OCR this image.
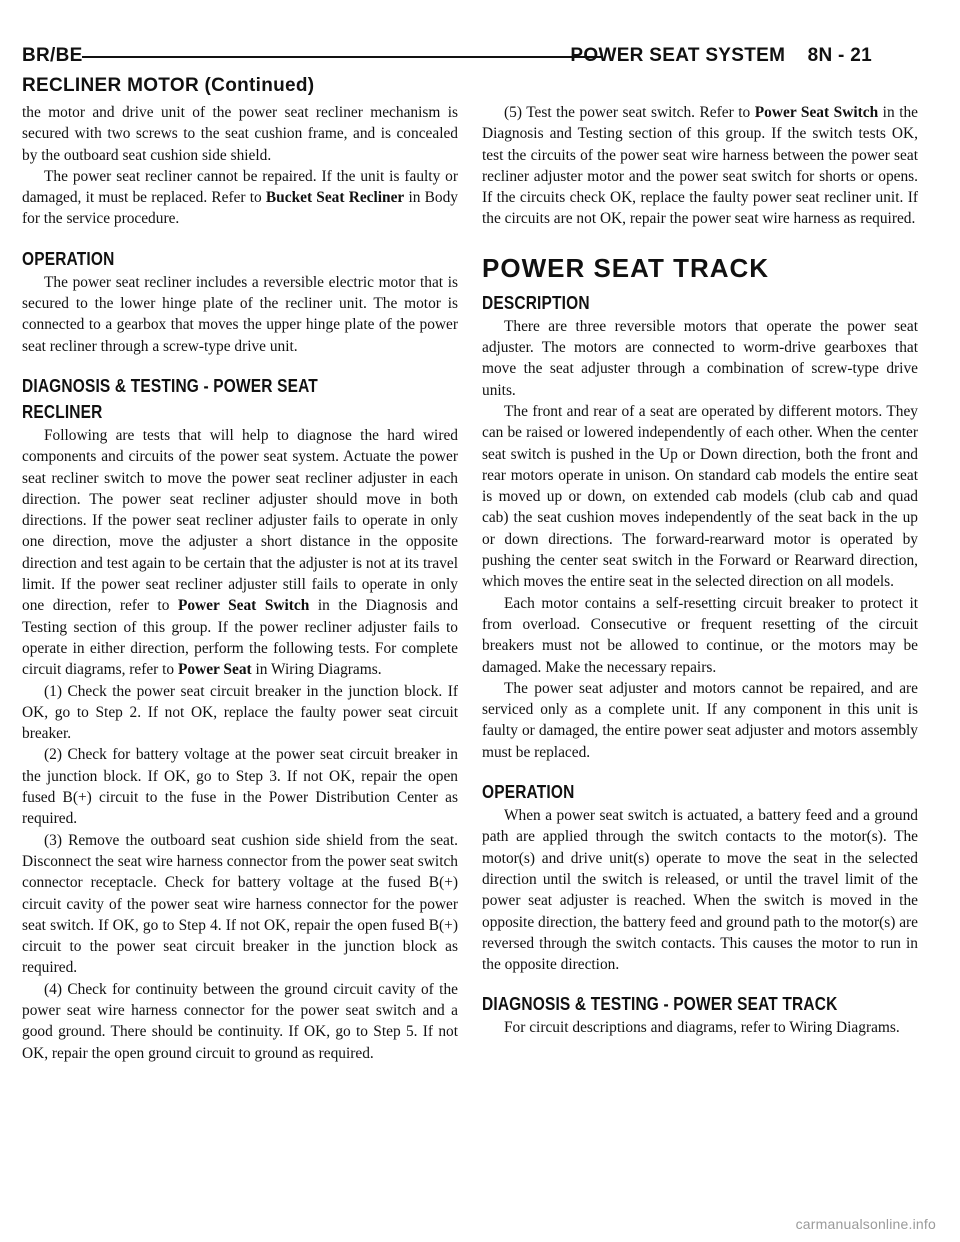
BR/BE	POWER SEAT SYSTEM 8N - 21
RECLINER MOTOR (Continued)

the motor and drive unit of the power seat recliner mechanism is secured with two screws to the seat cushion frame, and is concealed by the outboard seat cushion side shield.

The power seat recliner cannot be repaired. If the unit is faulty or damaged, it must be replaced. Refer to Bucket Seat Recliner in Body for the service procedure.

OPERATION

The power seat recliner includes a reversible electric motor that is secured to the lower hinge plate of the recliner unit. The motor is connected to a gearbox that moves the upper hinge plate of the power seat recliner through a screw-type drive unit.

DIAGNOSIS & TESTING - POWER SEAT
RECLINER

Following are tests that will help to diagnose the hard wired components and circuits of the power seat system. Actuate the power seat recliner switch to move the power seat recliner adjuster in each direction. The power seat recliner adjuster should move in both directions. If the power seat recliner adjuster fails to operate in only one direction, move the adjuster a short distance in the opposite direction and test again to be certain that the adjuster is not at its travel limit. If the power seat recliner adjuster still fails to operate in only one direction, refer to Power Seat Switch in the Diagnosis and Testing section of this group. If the power recliner adjuster fails to operate in either direction, perform the following tests. For complete circuit diagrams, refer to Power Seat in Wiring Diagrams.

(1) Check the power seat circuit breaker in the junction block. If OK, go to Step 2. If not OK, replace the faulty power seat circuit breaker.

(2) Check for battery voltage at the power seat circuit breaker in the junction block. If OK, go to Step 3. If not OK, repair the open fused B(+) circuit to the fuse in the Power Distribution Center as required.

(3) Remove the outboard seat cushion side shield from the seat. Disconnect the seat wire harness connector from the power seat switch connector receptacle. Check for battery voltage at the fused B(+) circuit cavity of the power seat wire harness connector for the power seat switch. If OK, go to Step 4. If not OK, repair the open fused B(+) circuit to the power seat circuit breaker in the junction block as required.

(4) Check for continuity between the ground circuit cavity of the power seat wire harness connector for the power seat switch and a good ground. There should be continuity. If OK, go to Step 5. If not OK, repair the open ground circuit to ground as required.

(5) Test the power seat switch. Refer to Power Seat Switch in the Diagnosis and Testing section of this group. If the switch tests OK, test the circuits of the power seat wire harness between the power seat recliner adjuster motor and the power seat switch for shorts or opens. If the circuits check OK, replace the faulty power seat recliner unit. If the circuits are not OK, repair the power seat wire harness as required.

POWER SEAT TRACK

DESCRIPTION

There are three reversible motors that operate the power seat adjuster. The motors are connected to worm-drive gearboxes that move the seat adjuster through a combination of screw-type drive units.

The front and rear of a seat are operated by different motors. They can be raised or lowered independently of each other. When the center seat switch is pushed in the Up or Down direction, both the front and rear motors operate in unison. On standard cab models the entire seat is moved up or down, on extended cab models (club cab and quad cab) the seat cushion moves independently of the seat back in the up or down directions. The forward-rearward motor is operated by pushing the center seat switch in the Forward or Rearward direction, which moves the entire seat in the selected direction on all models.

Each motor contains a self-resetting circuit breaker to protect it from overload. Consecutive or frequent resetting of the circuit breakers must not be allowed to continue, or the motors may be damaged. Make the necessary repairs.

The power seat adjuster and motors cannot be repaired, and are serviced only as a complete unit. If any component in this unit is faulty or damaged, the entire power seat adjuster and motors assembly must be replaced.

OPERATION

When a power seat switch is actuated, a battery feed and a ground path are applied through the switch contacts to the motor(s). The motor(s) and drive unit(s) operate to move the seat in the selected direction until the switch is released, or until the travel limit of the power seat adjuster is reached. When the switch is moved in the opposite direction, the battery feed and ground path to the motor(s) are reversed through the switch contacts. This causes the motor to run in the opposite direction.

DIAGNOSIS & TESTING - POWER SEAT TRACK

For circuit descriptions and diagrams, refer to Wiring Diagrams.

carmanualsonline.info
